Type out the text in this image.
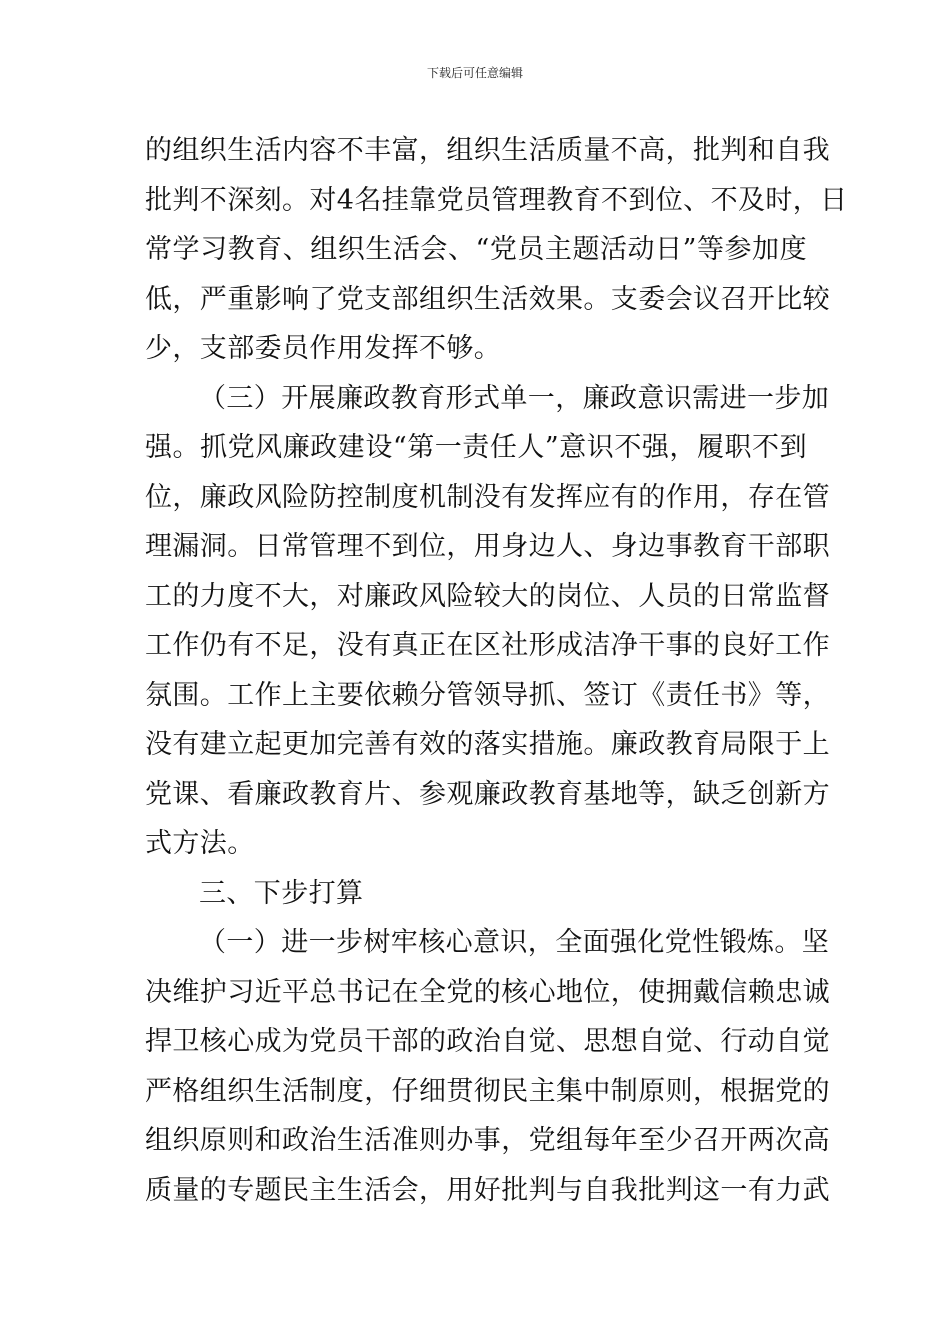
下载后可任意编辑
的组织生活内容不丰富，组织生活质量不高，批判和自我
批判不深刻。对4名挂靠党员管理教育不到位、不及时，日
常学习教育、组织生活会、“党员主题活动日”等参加度
低，严重影响了党支部组织生活效果。支委会议召开比较
少，支部委员作用发挥不够。
（三）开展廉政教育形式单一，廉政意识需进一步加
强。抓党风廉政建设“第一责任人”意识不强，履职不到
位，廉政风险防控制度机制没有发挥应有的作用，存在管
理漏洞。日常管理不到位，用身边人、身边事教育干部职
工的力度不大，对廉政风险较大的岗位、人员的日常监督
工作仍有不足，没有真正在区社形成洁净干事的良好工作
氛围。工作上主要依赖分管领导抓、签订《责任书》等，
没有建立起更加完善有效的落实措施。廉政教育局限于上
党课、看廉政教育片、参观廉政教育基地等，缺乏创新方
式方法。
三、下步打算
（一）进一步树牢核心意识，全面强化党性锻炼。坚
决维护习近平总书记在全党的核心地位，使拥戴信赖忠诚
捍卫核心成为党员干部的政治自觉、思想自觉、行动自觉
严格组织生活制度，仔细贯彻民主集中制原则，根据党的
组织原则和政治生活准则办事，党组每年至少召开两次高
质量的专题民主生活会，用好批判与自我批判这一有力武
